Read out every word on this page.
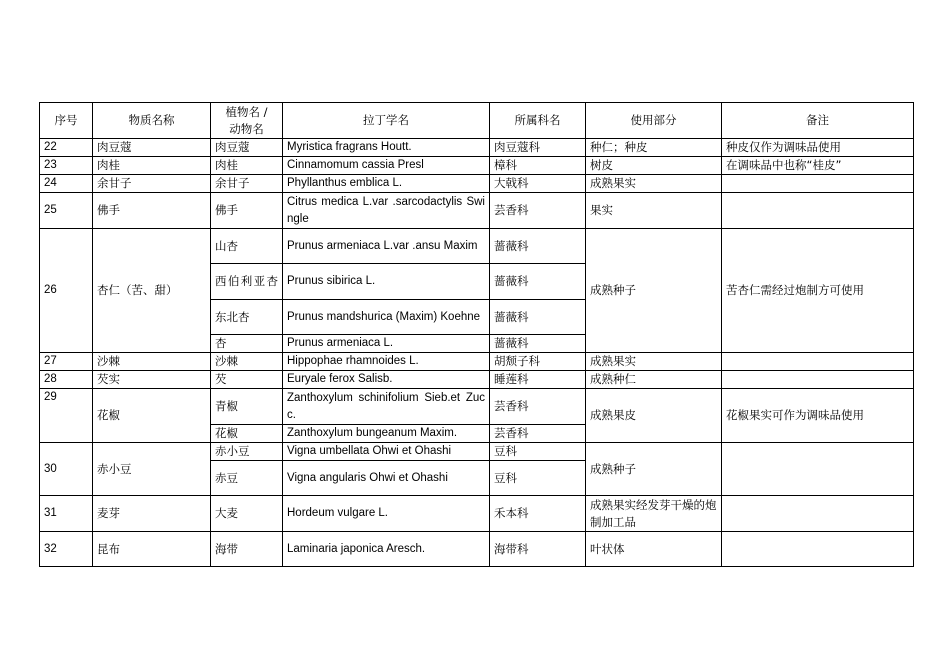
序号	物质名称	植物名 / 动物名	拉丁学名	所属科名	使用部分	备注
22	肉豆蔻	肉豆蔻	Myristica fragrans Houtt.	肉豆蔻科	种仁；种皮	种皮仅作为调味品使用
23	肉桂	肉桂	Cinnamomum cassia Presl	樟科	树皮	在调味品中也称“桂皮”
24	余甘子	余甘子	Phyllanthus emblica L.	大戟科	成熟果实	
25	佛手	佛手	Citrus medica L.var .sarcodactylis Swingle	芸香科	果实	
26	杏仁（苦、甜）	山杏	Prunus armeniaca L.var .ansu Maxim	蔷薇科	成熟种子	苦杏仁需经过炮制方可使用
		西伯利亚杏	Prunus sibirica L.	蔷薇科		
		东北杏	Prunus mandshurica (Maxim) Koehne	蔷薇科		
		杏	Prunus armeniaca L.	蔷薇科		
27	沙棘	沙棘	Hippophae rhamnoides L.	胡颓子科	成熟果实	
28	芡实	芡	Euryale ferox Salisb.	睡莲科	成熟种仁	
29	花椒	青椒	Zanthoxylum schinifolium Sieb.et Zucc.	芸香科	成熟果皮	花椒果实可作为调味品使用
		花椒	Zanthoxylum bungeanum Maxim.	芸香科		
30	赤小豆	赤小豆	Vigna umbellata Ohwi et Ohashi	豆科	成熟种子	
		赤豆	Vigna angularis Ohwi et Ohashi	豆科		
31	麦芽	大麦	Hordeum vulgare L.	禾本科	成熟果实经发芽干燥的炮制加工品	
32	昆布	海带	Laminaria japonica Aresch.	海带科	叶状体	
